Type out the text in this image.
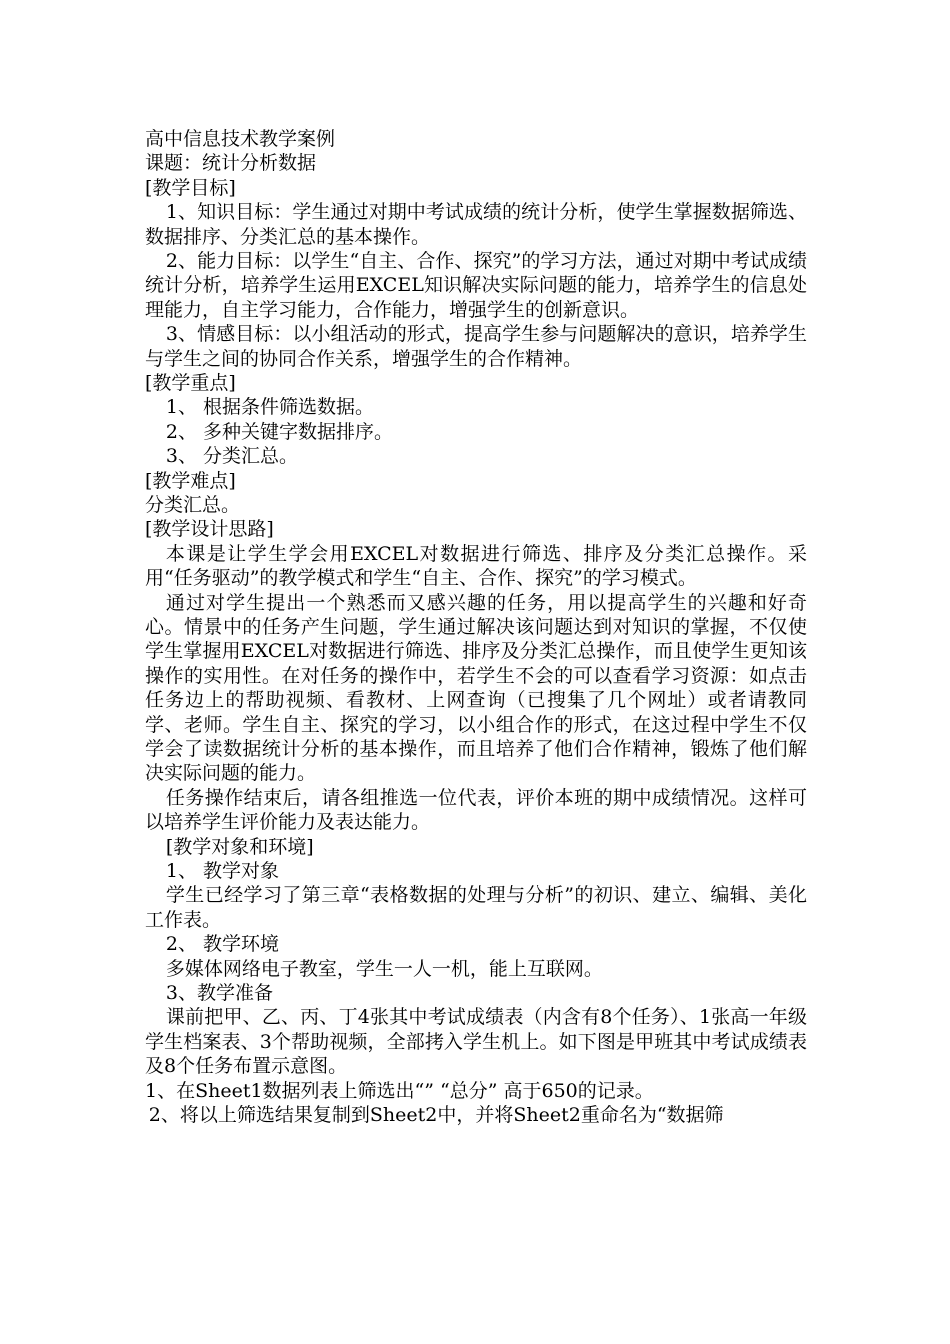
高中信息技术教学案例
课题：统计分析数据
[教学目标]
1、知识目标：学生通过对期中考试成绩的统计分析，使学生掌握数据筛选、数据排序、分类汇总的基本操作。
2、能力目标：以学生“自主、合作、探究”的学习方法，通过对期中考试成绩统计分析，培养学生运用EXCEL知识解决实际问题的能力，培养学生的信息处理能力，自主学习能力，合作能力，增强学生的创新意识。
3、情感目标：以小组活动的形式，提高学生参与问题解决的意识，培养学生与学生之间的协同合作关系，增强学生的合作精神。
[教学重点]
1、 根据条件筛选数据。
2、 多种关键字数据排序。
3、 分类汇总。
[教学难点]
分类汇总。
[教学设计思路]
本课是让学生学会用EXCEL对数据进行筛选、排序及分类汇总操作。采用“任务驱动”的教学模式和学生“自主、合作、探究”的学习模式。
通过对学生提出一个熟悉而又感兴趣的任务，用以提高学生的兴趣和好奇心。情景中的任务产生问题，学生通过解决该问题达到对知识的掌握，不仅使学生掌握用EXCEL对数据进行筛选、排序及分类汇总操作，而且使学生更知该操作的实用性。在对任务的操作中，若学生不会的可以查看学习资源：如点击任务边上的帮助视频、看教材、上网查询（已搜集了几个网址）或者请教同学、老师。学生自主、探究的学习，以小组合作的形式，在这过程中学生不仅学会了读数据统计分析的基本操作，而且培养了他们合作精神，锻炼了他们解决实际问题的能力。
任务操作结束后，请各组推选一位代表，评价本班的期中成绩情况。这样可以培养学生评价能力及表达能力。
[教学对象和环境]
1、 教学对象
学生已经学习了第三章“表格数据的处理与分析”的初识、建立、编辑、美化工作表。
2、 教学环境
多媒体网络电子教室，学生一人一机，能上互联网。
3、教学准备
课前把甲、乙、丙、丁4张其中考试成绩表（内含有8个任务）、1张高一年级学生档案表、3个帮助视频，全部拷入学生机上。如下图是甲班其中考试成绩表及8个任务布置示意图。
1、在Sheet1数据列表上筛选出“” “总分” 高于650的记录。
2、将以上筛选结果复制到Sheet2中，并将Sheet2重命名为“数据筛
